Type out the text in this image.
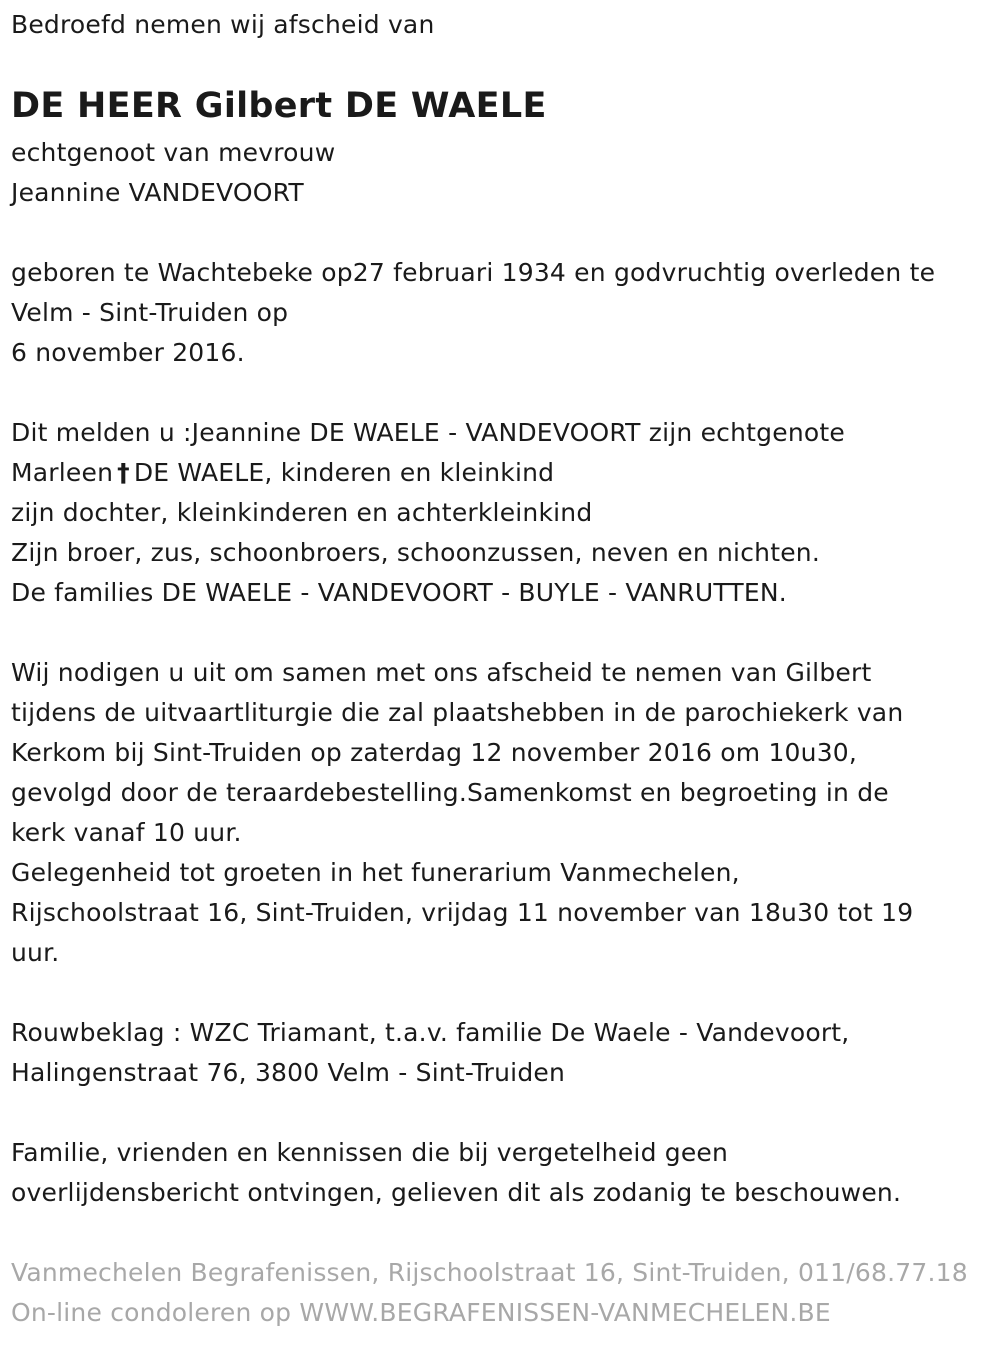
Bedroefd nemen wij afscheid van
DE HEER Gilbert DE WAELE
echtgenoot van mevrouw
Jeannine VANDEVOORT
geboren te Wachtebeke op27 februari 1934 en godvruchtig overleden te
Velm - Sint-Truiden op
6 november 2016.
Dit melden u :Jeannine DE WAELE - VANDEVOORT zijn echtgenote
Marleen † DE WAELE, kinderen en kleinkind
zijn dochter, kleinkinderen en achterkleinkind
Zijn broer, zus, schoonbroers, schoonzussen, neven en nichten.
De families DE WAELE - VANDEVOORT - BUYLE - VANRUTTEN.
Wij nodigen u uit om samen met ons afscheid te nemen van Gilbert
tijdens de uitvaartliturgie die zal plaatshebben in de parochiekerk van
Kerkom bij Sint-Truiden op zaterdag 12 november 2016 om 10u30,
gevolgd door de teraardebestelling.Samenkomst en begroeting in de
kerk vanaf 10 uur.
Gelegenheid tot groeten in het funerarium Vanmechelen,
Rijschoolstraat 16, Sint-Truiden, vrijdag 11 november van 18u30 tot 19
uur.
Rouwbeklag : WZC Triamant, t.a.v. familie De Waele - Vandevoort,
Halingenstraat 76, 3800 Velm - Sint-Truiden
Familie, vrienden en kennissen die bij vergetelheid geen
overlijdensbericht ontvingen, gelieven dit als zodanig te beschouwen.
Vanmechelen Begrafenissen, Rijschoolstraat 16, Sint-Truiden, 011/68.77.18
On-line condoleren op WWW.BEGRAFENISSEN-VANMECHELEN.BE
